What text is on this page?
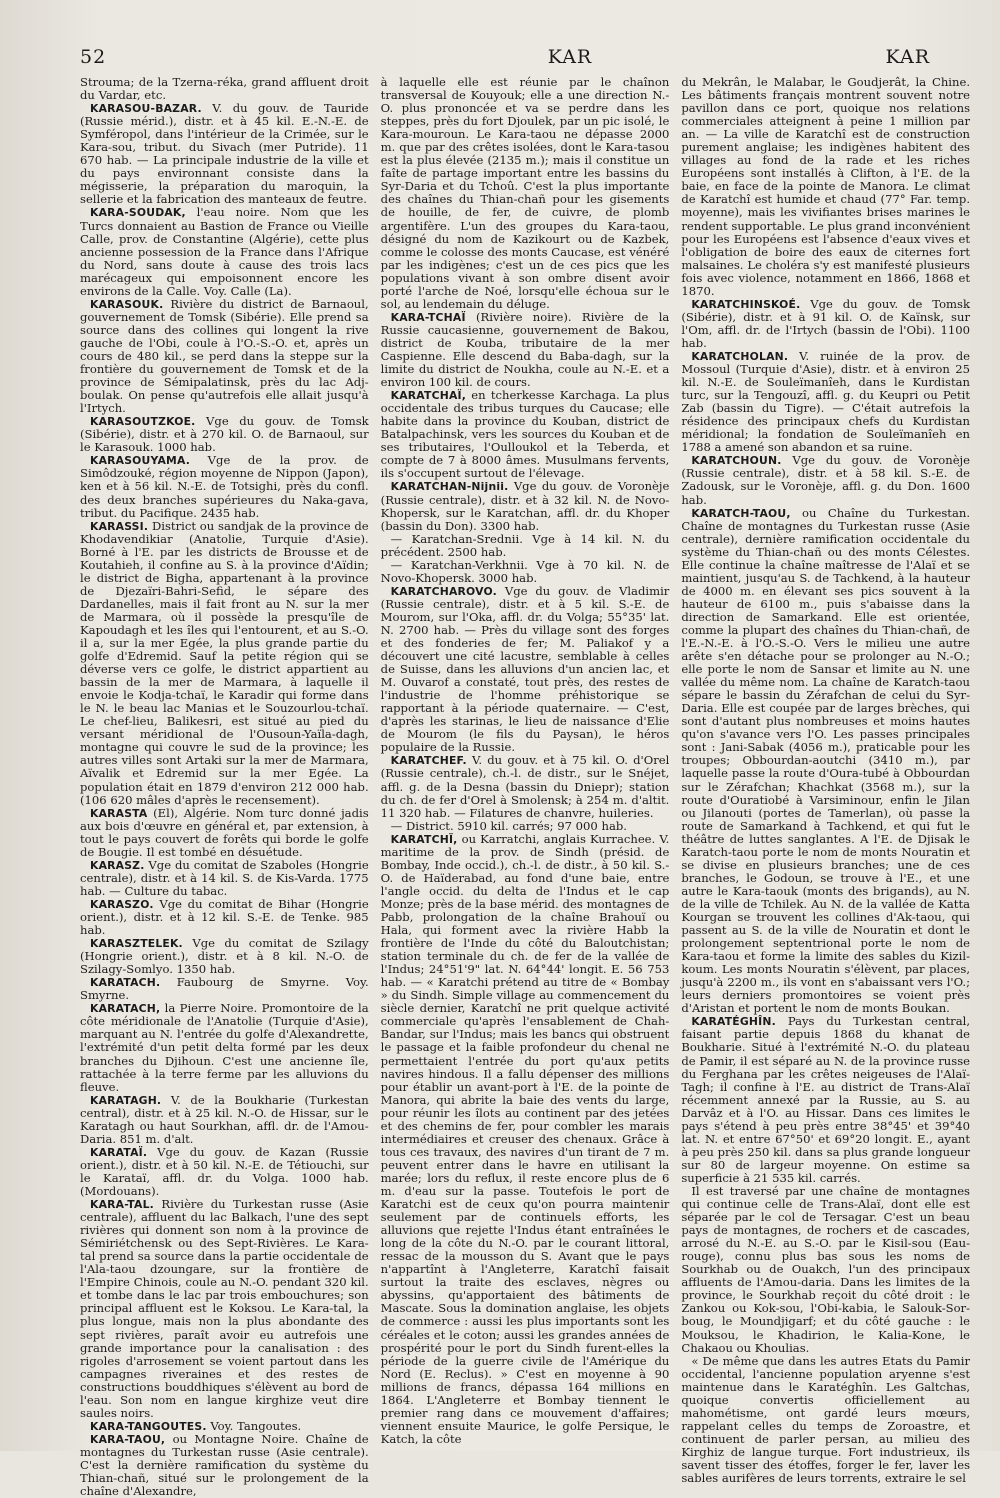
52	KAR	KAR

Strouma; de la Tzerna-réka, grand affluent droit du Vardar, etc.

KARASOU-BAZAR. V. du gouv. de Tauride (Russie mérid.), distr. et à 45 kil. E.-N.-E. de Symféropol, dans l'intérieur de la Crimée, sur le Kara-sou, tribut. du Sivach (mer Putride). 11 670 hab. — La principale industrie de la ville et du pays environnant consiste dans la mégisserie, la préparation du maroquin, la sellerie et la fabrication des manteaux de feutre.

KARA-SOUDAK, l'eau noire. Nom que les Turcs donnaient au Bastion de France ou Vieille Calle, prov. de Constantine (Algérie), cette plus ancienne possession de la France dans l'Afrique du Nord, sans doute à cause des trois lacs marécageux qui empoisonnent encore les environs de la Calle. Voy. Calle (La).

KARASOUK. Rivière du district de Barnaoul, gouvernement de Tomsk (Sibérie). Elle prend sa source dans des collines qui longent la rive gauche de l'Obi, coule à l'O.-S.-O. et, après un cours de 480 kil., se perd dans la steppe sur la frontière du gouvernement de Tomsk et de la province de Sémipalatinsk, près du lac Adj-boulak. On pense qu'autrefois elle allait jusqu'à l'Irtych.

KARASOUTZKOE. Vge du gouv. de Tomsk (Sibérie), distr. et à 270 kil. O. de Barnaoul, sur le Karasouk. 1000 hab.

KARASOUYAMA. Vge de la prov. de Simôdzouké, région moyenne de Nippon (Japon), ken et à 56 kil. N.-E. de Totsighi, près du confl. des deux branches supérieures du Naka-gava, tribut. du Pacifique. 2435 hab.

KARASSI. District ou sandjak de la province de Khodavendikiar (Anatolie, Turquie d'Asie). Borné à l'E. par les districts de Brousse et de Koutahieh, il confine au S. à la province d'Aïdin; le district de Bigha, appartenant à la province de Djezaïri-Bahri-Sefid, le sépare des Dardanelles, mais il fait front au N. sur la mer de Marmara, où il possède la presqu'île de Kapoudagh et les îles qui l'entourent, et au S.-O. il a, sur la mer Egée, la plus grande partie du golfe d'Edremid. Sauf la petite région qui se déverse vers ce golfe, le district appartient au bassin de la mer de Marmara, à laquelle il envoie le Kodja-tchaï, le Karadir qui forme dans le N. le beau lac Manias et le Souzourlou-tchaï. Le chef-lieu, Balikesri, est situé au pied du versant méridional de l'Ousoun-Yaïla-dagh, montagne qui couvre le sud de la province; les autres villes sont Artaki sur la mer de Marmara, Aïvalik et Edremid sur la mer Egée. La population était en 1879 d'environ 212 000 hab. (106 620 mâles d'après le recensement).

KARASTA (El), Algérie. Nom turc donné jadis aux bois d'œuvre en général et, par extension, à tout le pays couvert de forêts qui borde le golfe de Bougie. Il est tombé en désuétude.

KARASZ. Vge du comitat de Szaboles (Hongrie centrale), distr. et à 14 kil. S. de Kis-Varda. 1775 hab. — Culture du tabac.

KARASZO. Vge du comitat de Bihar (Hongrie orient.), distr. et à 12 kil. S.-E. de Tenke. 985 hab.

KARASZTELEK. Vge du comitat de Szilagy (Hongrie orient.), distr. et à 8 kil. N.-O. de Szilagy-Somlyo. 1350 hab.

KARATACH. Faubourg de Smyrne. Voy. Smyrne.

KARATACH, la Pierre Noire. Promontoire de la côte méridionale de l'Anatolie (Turquie d'Asie), marquant au N. l'entrée du golfe d'Alexandrette, l'extrémité d'un petit delta formé par les deux branches du Djihoun. C'est une ancienne île, rattachée à la terre ferme par les alluvions du fleuve.

KARATAGH. V. de la Boukharie (Turkestan central), distr. et à 25 kil. N.-O. de Hissar, sur le Karatagh ou haut Sourkhan, affl. dr. de l'Amou-Daria. 851 m. d'alt.

KARATAÏ. Vge du gouv. de Kazan (Russie orient.), distr. et à 50 kil. N.-E. de Tétiouchi, sur le Karataï, affl. dr. du Volga. 1000 hab. (Mordouans).

KARA-TAL. Rivière du Turkestan russe (Asie centrale), affluent du lac Balkach, l'une des sept rivières qui donnent son nom à la province de Sémiriétchensk ou des Sept-Rivières. Le Kara-tal prend sa source dans la partie occidentale de l'Ala-taou dzoungare, sur la frontière de l'Empire Chinois, coule au N.-O. pendant 320 kil. et tombe dans le lac par trois embouchures; son principal affluent est le Koksou. Le Kara-tal, la plus longue, mais non la plus abondante des sept rivières, paraît avoir eu autrefois une grande importance pour la canalisation : des rigoles d'arrosement se voient partout dans les campagnes riveraines et des restes de constructions bouddhiques s'élèvent au bord de l'eau. Son nom en langue kirghize veut dire saules noirs.

KARA-TANGOUTES. Voy. Tangoutes.

KARA-TAOU, ou Montagne Noire. Chaîne de montagnes du Turkestan russe (Asie centrale). C'est la dernière ramification du système du Thian-chañ, situé sur le prolongement de la chaîne d'Alexandre,

à laquelle elle est réunie par le chaînon transversal de Kouyouk; elle a une direction N.-O. plus prononcée et va se perdre dans les steppes, près du fort Djoulek, par un pic isolé, le Kara-mouroun. Le Kara-taou ne dépasse 2000 m. que par des crêtes isolées, dont le Kara-tasou est la plus élevée (2135 m.); mais il constitue un faîte de partage important entre les bassins du Syr-Daria et du Tchoû. C'est la plus importante des chaînes du Thian-chañ pour les gisements de houille, de fer, de cuivre, de plomb argentifère. L'un des groupes du Kara-taou, désigné du nom de Kazikourt ou de Kazbek, comme le colosse des monts Caucase, est vénéré par les indigènes; c'est un de ces pics que les populations vivant à son ombre disent avoir porté l'arche de Noé, lorsqu'elle échoua sur le sol, au lendemain du déluge.

KARA-TCHAÏ (Rivière noire). Rivière de la Russie caucasienne, gouvernement de Bakou, district de Kouba, tributaire de la mer Caspienne. Elle descend du Baba-dagh, sur la limite du district de Noukha, coule au N.-E. et a environ 100 kil. de cours.

KARATCHAÏ, en tcherkesse Karchaga. La plus occidentale des tribus turques du Caucase; elle habite dans la province du Kouban, district de Batalpachinsk, vers les sources du Kouban et de ses tributaires, l'Oulloukol et la Teberda, et compte de 7 à 8000 âmes. Musulmans fervents, ils s'occupent surtout de l'élevage.

KARATCHAN-Nijnii. Vge du gouv. de Voronèje (Russie centrale), distr. et à 32 kil. N. de Novo-Khopersk, sur le Karatchan, affl. dr. du Khoper (bassin du Don). 3300 hab.

— Karatchan-Srednii. Vge à 14 kil. N. du précédent. 2500 hab.

— Karatchan-Verkhnii. Vge à 70 kil. N. de Novo-Khopersk. 3000 hab.

KARATCHAROVO. Vge du gouv. de Vladimir (Russie centrale), distr. et à 5 kil. S.-E. de Mourom, sur l'Oka, affl. dr. du Volga; 55°35' lat. N. 2700 hab. — Près du village sont des forges et des fonderies de fer; M. Paliakof y a découvert une cité lacustre, semblable à celles de Suisse, dans les alluvions d'un ancien lac, et M. Ouvarof a constaté, tout près, des restes de l'industrie de l'homme préhistorique se rapportant à la période quaternaire. — C'est, d'après les starinas, le lieu de naissance d'Elie de Mourom (le fils du Paysan), le héros populaire de la Russie.

KARATCHEF. V. du gouv. et à 75 kil. O. d'Orel (Russie centrale), ch.-l. de distr., sur le Snéjet, affl. g. de la Desna (bassin du Dniepr); station du ch. de fer d'Orel à Smolensk; à 254 m. d'altit. 11 320 hab. — Filatures de chanvre, huileries.

— District. 5910 kil. carrés; 97 000 hab.

KARATCHÏ, ou Karratchi, anglais Kurrachee. V. maritime de la prov. de Sindh (présid. de Bombay, Inde occid.), ch.-l. de distr., à 50 kil. S.-O. de Haïderabad, au fond d'une baie, entre l'angle occid. du delta de l'Indus et le cap Monze; près de la base mérid. des montagnes de Pabb, prolongation de la chaîne Brahouï ou Hala, qui forment avec la rivière Habb la frontière de l'Inde du côté du Baloutchistan; station terminale du ch. de fer de la vallée de l'Indus; 24°51'9" lat. N. 64°44' longit. E. 56 753 hab. — « Karatchi prétend au titre de « Bombay » du Sindh. Simple village au commencement du siècle dernier, Karatchî ne prit quelque activité commerciale qu'après l'ensablement de Chah-Bandar, sur l'Indus; mais les bancs qui obstruent le passage et la faible profondeur du chenal ne permettaient l'entrée du port qu'aux petits navires hindous. Il a fallu dépenser des millions pour établir un avant-port à l'E. de la pointe de Manora, qui abrite la baie des vents du large, pour réunir les îlots au continent par des jetées et des chemins de fer, pour combler les marais intermédiaires et creuser des chenaux. Grâce à tous ces travaux, des navires d'un tirant de 7 m. peuvent entrer dans le havre en utilisant la marée; lors du reflux, il reste encore plus de 6 m. d'eau sur la passe. Toutefois le port de Karatchi est de ceux qu'on pourra maintenir seulement par de continuels efforts, les alluvions que rejette l'Indus étant entraînées le long de la côte du N.-O. par le courant littoral, ressac de la mousson du S. Avant que le pays n'appartînt à l'Angleterre, Karatchî faisait surtout la traite des esclaves, nègres ou abyssins, qu'apportaient des bâtiments de Mascate. Sous la domination anglaise, les objets de commerce : aussi les plus importants sont les céréales et le coton; aussi les grandes années de prospérité pour le port du Sindh furent-elles la période de la guerre civile de l'Amérique du Nord (E. Reclus). » C'est en moyenne à 90 millions de francs, dépassa 164 millions en 1864. L'Angleterre et Bombay tiennent le premier rang dans ce mouvement d'affaires; viennent ensuite Maurice, le golfe Persique, le Katch, la côte

du Mekrân, le Malabar, le Goudjerât, la Chine. Les bâtiments français montrent souvent notre pavillon dans ce port, quoique nos relations commerciales atteignent à peine 1 million par an. — La ville de Karatchî est de construction purement anglaise; les indigènes habitent des villages au fond de la rade et les riches Européens sont installés à Clifton, à l'E. de la baie, en face de la pointe de Manora. Le climat de Karatchî est humide et chaud (77° Far. temp. moyenne), mais les vivifiantes brises marines le rendent supportable. Le plus grand inconvénient pour les Européens est l'absence d'eaux vives et l'obligation de boire des eaux de citernes fort malsaines. Le choléra s'y est manifesté plusieurs fois avec violence, notamment en 1866, 1868 et 1870.

KARATCHINSKOÉ. Vge du gouv. de Tomsk (Sibérie), distr. et à 91 kil. O. de Kaïnsk, sur l'Om, affl. dr. de l'Irtych (bassin de l'Obi). 1100 hab.

KARATCHOLAN. V. ruinée de la prov. de Mossoul (Turquie d'Asie), distr. et à environ 25 kil. N.-E. de Souleïmanîeh, dans le Kurdistan turc, sur la Tengouzî, affl. g. du Keupri ou Petit Zab (bassin du Tigre). — C'était autrefois la résidence des principaux chefs du Kurdistan méridional; la fondation de Souleïmanîeh en 1788 a amené son abandon et sa ruine.

KARATCHOUN. Vge du gouv. de Voronèje (Russie centrale), distr. et à 58 kil. S.-E. de Zadousk, sur le Voronèje, affl. g. du Don. 1600 hab.

KARATCH-TAOU, ou Chaîne du Turkestan. Chaîne de montagnes du Turkestan russe (Asie centrale), dernière ramification occidentale du système du Thian-chañ ou des monts Célestes. Elle continue la chaîne maîtresse de l'Alaï et se maintient, jusqu'au S. de Tachkend, à la hauteur de 4000 m. en élevant ses pics souvent à la hauteur de 6100 m., puis s'abaisse dans la direction de Samarkand. Elle est orientée, comme la plupart des chaînes du Thian-chañ, de l'E.-N.-E. à l'O.-S.-O. Vers le milieu une autre arête s'en détache pour se prolonger au N.-O.; elle porte le nom de Sansar et limite au N. une vallée du même nom. La chaîne de Karatch-taou sépare le bassin du Zérafchan de celui du Syr-Daria. Elle est coupée par de larges brèches, qui sont d'autant plus nombreuses et moins hautes qu'on s'avance vers l'O. Les passes principales sont : Jani-Sabak (4056 m.), praticable pour les troupes; Obbourdan-aoutchi (3410 m.), par laquelle passe la route d'Oura-tubé à Obbourdan sur le Zérafchan; Khachkat (3568 m.), sur la route d'Ouratiobé à Varsiminour, enfin le Jilan ou Jilanouti (portes de Tamerlan), où passe la route de Samarkand à Tachkend, et qui fut le théâtre de luttes sanglantes. A l'E. de Djisak le Karatch-taou porte le nom de monts Nouratin et se divise en plusieurs branches; une de ces branches, le Godoun, se trouve à l'E., et une autre le Kara-taouk (monts des brigands), au N. de la ville de Tchilek. Au N. de la vallée de Katta Kourgan se trouvent les collines d'Ak-taou, qui passent au S. de la ville de Nouratin et dont le prolongement septentrional porte le nom de Kara-taou et forme la limite des sables du Kizil-koum. Les monts Nouratin s'élèvent, par places, jusqu'à 2200 m., ils vont en s'abaissant vers l'O.; leurs derniers promontoires se voient près d'Aristan et portent le nom de monts Boukan.

KARATÉGHÎN. Pays du Turkestan central, faisant partie depuis 1868 du khanat de Boukharie. Situé à l'extrémité N.-O. du plateau de Pamir, il est séparé au N. de la province russe du Ferghana par les crêtes neigeuses de l'Alaï-Tagh; il confine à l'E. au district de Trans-Alaï récemment annexé par la Russie, au S. au Darvâz et à l'O. au Hissar. Dans ces limites le pays s'étend à peu près entre 38°45' et 39°40 lat. N. et entre 67°50' et 69°20 longit. E., ayant à peu près 250 kil. dans sa plus grande longueur sur 80 de largeur moyenne. On estime sa superficie à 21 535 kil. carrés.

Il est traversé par une chaîne de montagnes qui continue celle de Trans-Alaï, dont elle est séparée par le col de Tersagar. C'est un beau pays de montagnes, de rochers et de cascades, arrosé du N.-E. au S.-O. par le Kisil-sou (Eau-rouge), connu plus bas sous les noms de Sourkhab ou de Ouakch, l'un des principaux affluents de l'Amou-daria. Dans les limites de la province, le Sourkhab reçoit du côté droit : le Zankou ou Kok-sou, l'Obi-kabia, le Salouk-Sor-boug, le Moundjigarf; et du côté gauche : le Mouksou, le Khadirion, le Kalia-Kone, le Chakaou ou Khoulias.

« De même que dans les autres Etats du Pamir occidental, l'ancienne population aryenne s'est maintenue dans le Karatéghîn. Les Galtchas, quoique convertis officiellement au mahométisme, ont gardé leurs mœurs, rappelant celles du temps de Zoroastre, et continuent de parler persan, au milieu des Kirghiz de langue turque. Fort industrieux, ils savent tisser des étoffes, forger le fer, laver les sables aurifères de leurs torrents, extraire le sel
